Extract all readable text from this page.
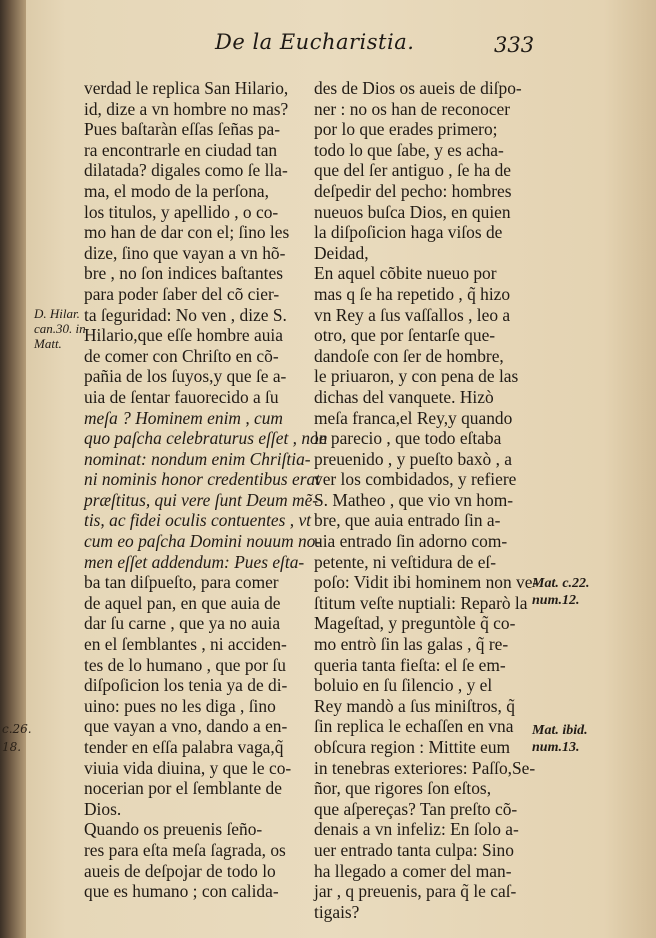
c.26.
18.
De la Eucharistia.	333
D. Hilar.
can.30. in
Matt.
Mat. c.22.
num.12.
Mat. ibid.
num.13.
verdad le replica San Hilario,
id, dize a vn hombre no mas?
Pues baſtaràn eſſas ſeñas pa-
ra encontrarle en ciudad tan
dilatada? digales como ſe lla-
ma, el modo de la perſona,
los titulos, y apellido , o co-
mo han de dar con el; ſino les
dize, ſino que vayan a vn hõ-
bre , no ſon indices baſtantes
para poder ſaber del cõ cier-
ta ſeguridad: No ven , dize S.
Hilario,que eſſe hombre auia
de comer con Chriſto en cõ-
pañia de los ſuyos,y que ſe a-
uia de ſentar fauorecido a ſu
meſa ? Hominem enim , cum
quo paſcha celebraturus eſſet , non
nominat: nondum enim Chriſtia-
ni nominis honor credentibus erat
præſtitus, qui vere ſunt Deum mẽ-
tis, ac fidei oculis contuentes , vt
cum eo paſcha Domini nouum no-
men eſſet addendum: Pues eſta-
ba tan diſpueſto, para comer
de aquel pan, en que auia de
dar ſu carne , que ya no auia
en el ſemblantes , ni acciden-
tes de lo humano , que por ſu
diſpoſicion los tenia ya de di-
uino: pues no les diga , ſino
que vayan a vno, dando a en-
tender en eſſa palabra vaga,q̃
viuia vida diuina, y que le co-
nocerian por el ſemblante de
Dios.
Quando os preuenis ſeño-
res para eſta meſa ſagrada, os
aueis de deſpojar de todo lo
que es humano ; con calida-
des de Dios os aueis de diſpo-
ner : no os han de reconocer
por lo que erades primero;
todo lo que ſabe, y es acha-
que del ſer antiguo , ſe ha de
deſpedir del pecho: hombres
nueuos buſca Dios, en quien
la diſpoſicion haga viſos de
Deidad,
En aquel cõbite nueuo por
mas q ſe ha repetido , q̃ hizo
vn Rey a ſus vaſſallos , leo a
otro, que por ſentarſe que-
dandoſe con ſer de hombre,
le priuaron, y con pena de las
dichas del vanquete. Hizò
meſa franca,el Rey,y quando
le parecio , que todo eſtaba
preuenido , y pueſto baxò , a
ver los combidados, y refiere
S. Matheo , que vio vn hom-
bre, que auia entrado ſin a-
uia entrado ſin adorno com-
petente, ni veſtidura de eſ-
poſo: Vidit ibi hominem non ve-
ſtitum veſte nuptiali: Reparò la
Mageſtad, y preguntòle q̃ co-
mo entrò ſin las galas , q̃ re-
queria tanta fieſta: el ſe em-
boluio en ſu ſilencio , y el
Rey mandò a ſus miniſtros, q̃
ſin replica le echaſſen en vna
obſcura region : Mittite eum
in tenebras exteriores: Paſſo,Se-
ñor, que rigores ſon eſtos,
que aſpereças? Tan preſto cõ-
denais a vn infeliz: En ſolo a-
uer entrado tanta culpa: Sino
ha llegado a comer del man-
jar , q preuenis, para q̃ le caſ-
tigais?
